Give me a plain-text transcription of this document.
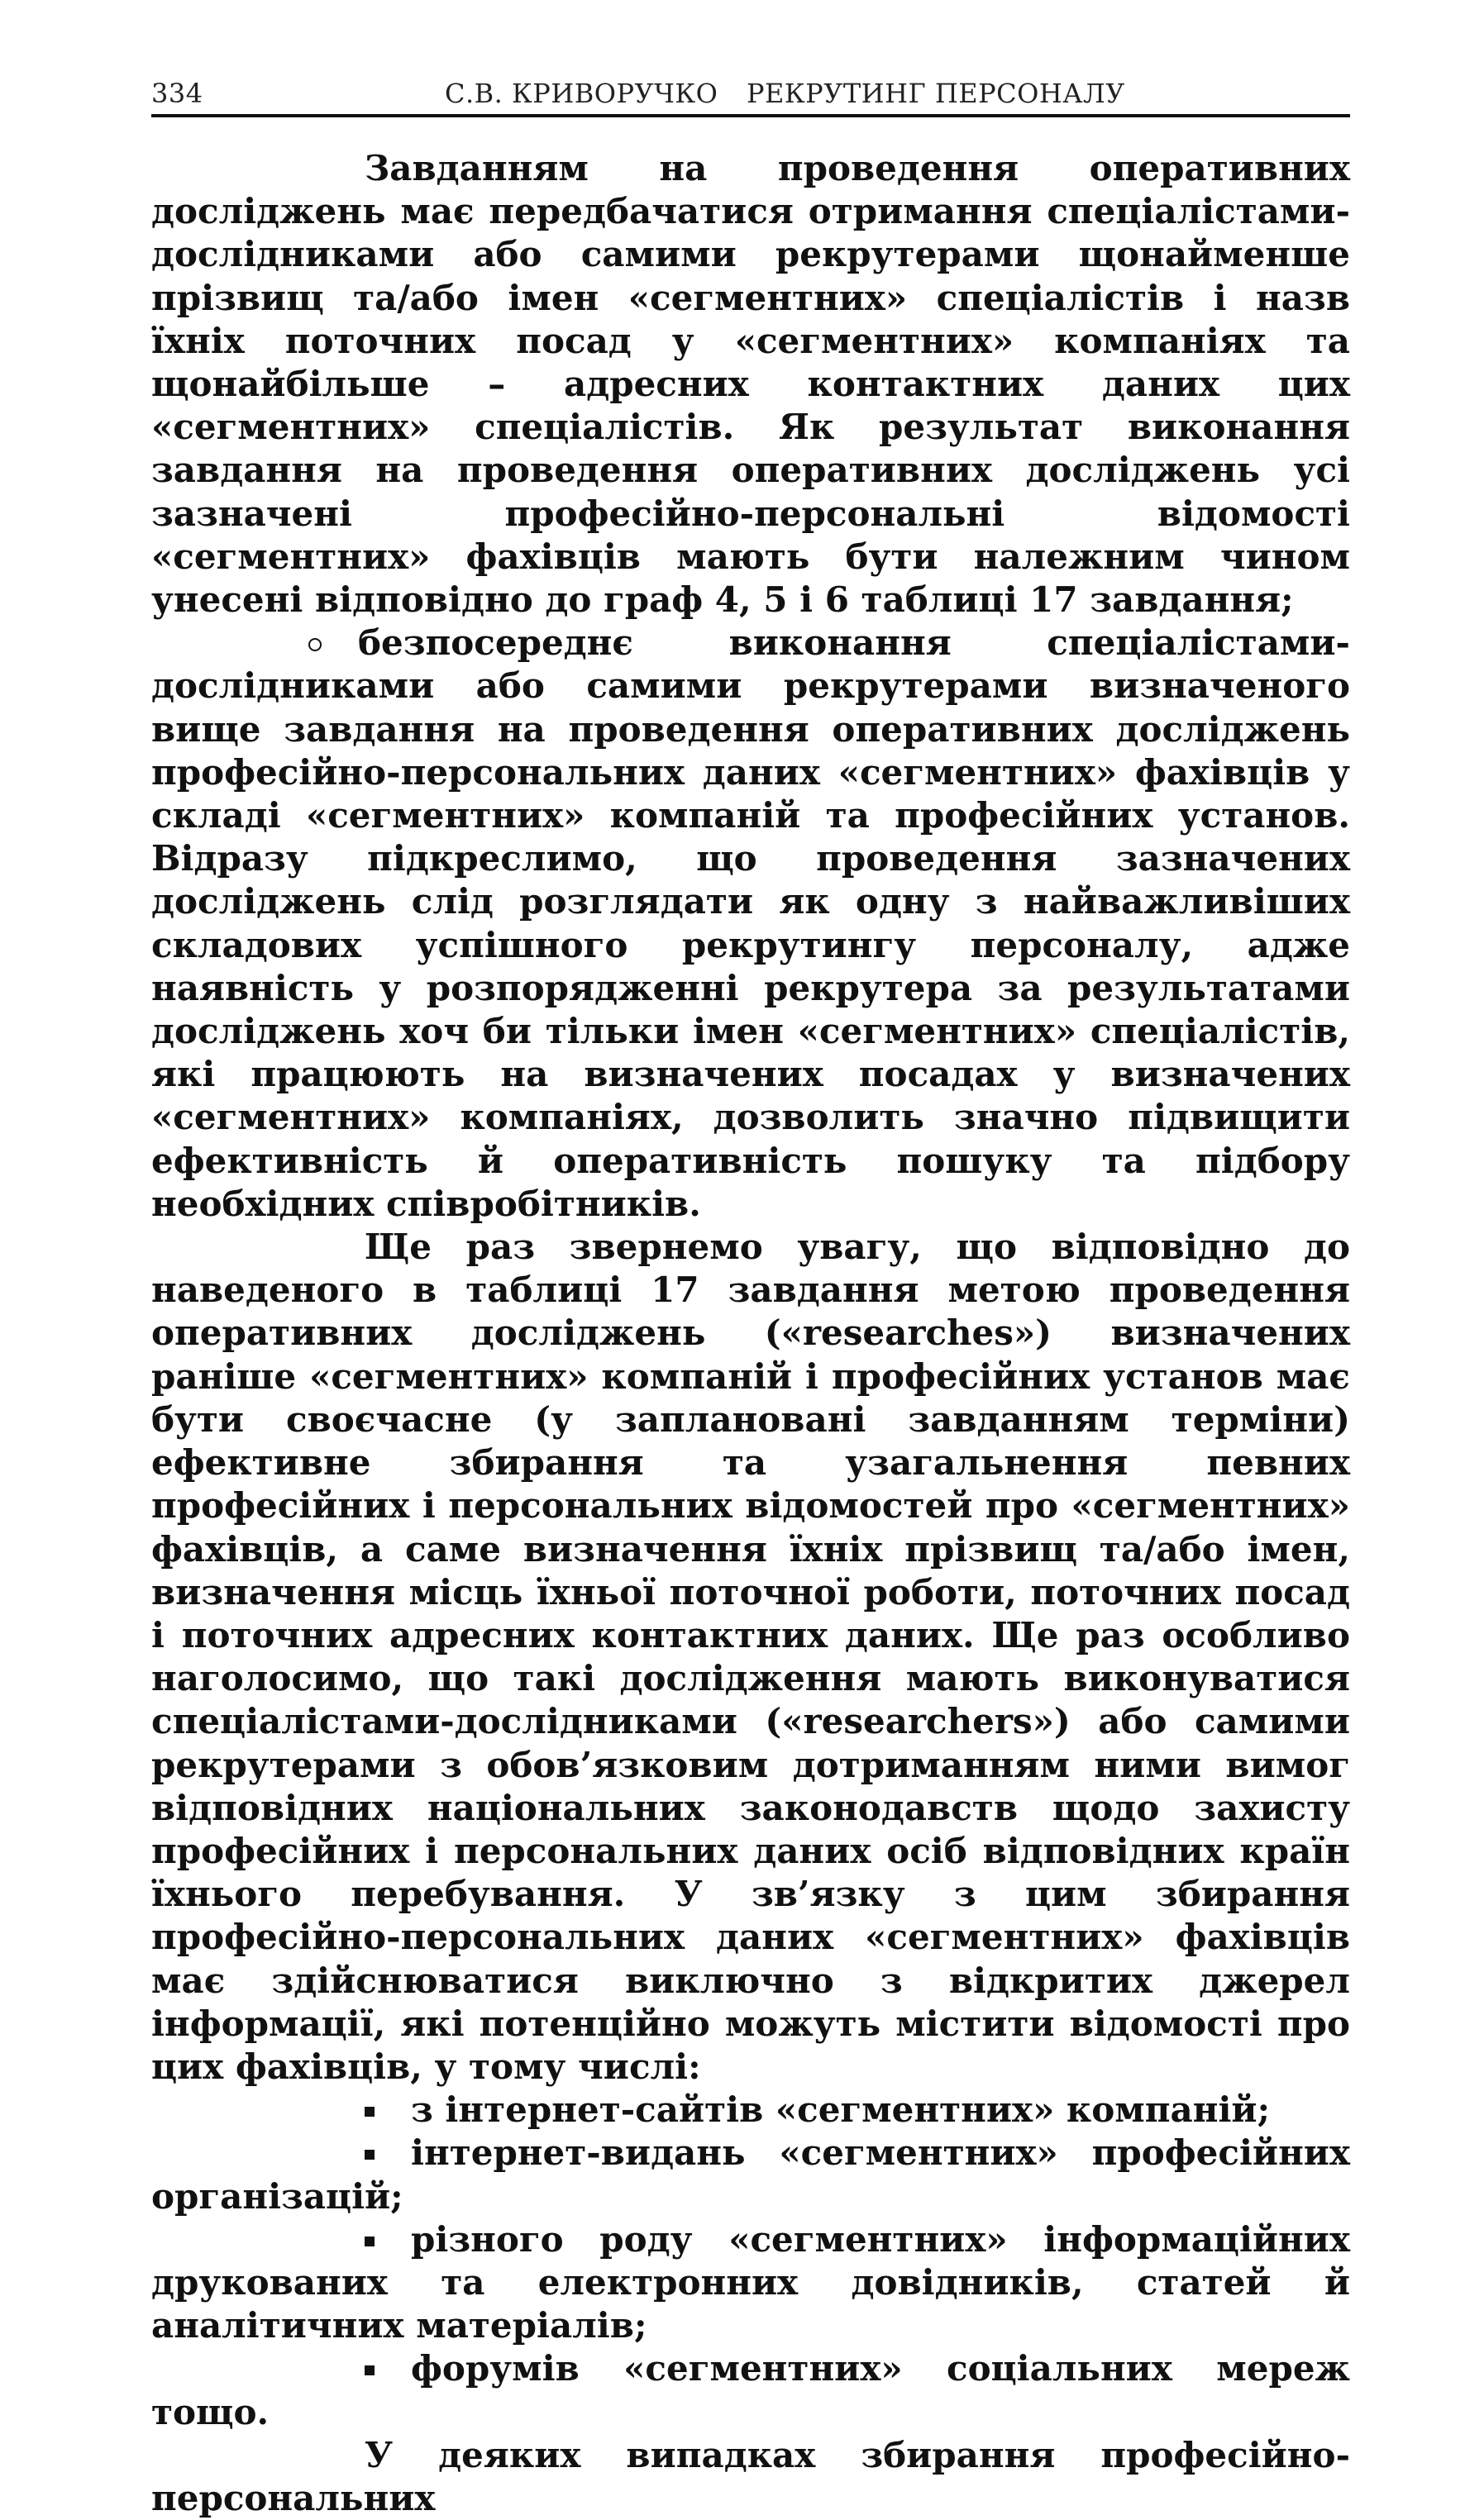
334	С.В. КРИВОРУЧКО РЕКРУТИНГ ПЕРСОНАЛУ

Завданням на проведення оперативних досліджень має передбачатися отримання спеціалістами-дослідниками або самими рекрутерами щонайменше прізвищ та/або імен «сегментних» спеціалістів і назв їхніх поточних посад у «сегментних» компаніях та щонайбільше – адресних контактних даних цих «сегментних» спеціалістів. Як результат виконання завдання на проведення оперативних досліджень усі зазначені професійно-персональні відомості «сегментних» фахівців мають бути належним чином унесені відповідно до граф 4, 5 і 6 таблиці 17 завдання;

безпосереднє виконання спеціалістами-дослідниками або самими рекрутерами визначеного вище завдання на проведення оперативних досліджень професійно-персональних даних «сегментних» фахівців у складі «сегментних» компаній та професійних установ. Відразу підкреслимо, що проведення зазначених досліджень слід розглядати як одну з найважливіших складових успішного рекрутингу персоналу, адже наявність у розпорядженні рекрутера за результатами досліджень хоч би тільки імен «сегментних» спеціалістів, які працюють на визначених посадах у визначених «сегментних» компаніях, дозволить значно підвищити ефективність й оперативність пошуку та підбору необхідних співробітників.

Ще раз звернемо увагу, що відповідно до наведеного в таблиці 17 завдання метою проведення оперативних досліджень («researches») визначених раніше «сегментних» компаній і професійних установ має бути своєчасне (у заплановані завданням терміни) ефективне збирання та узагальнення певних професійних і персональних відомостей про «сегментних» фахівців, а саме визначення їхніх прізвищ та/або імен, визначення місць їхньої поточної роботи, поточних посад і поточних адресних контактних даних. Ще раз особливо наголосимо, що такі дослідження мають виконуватися спеціалістами-дослідниками («researchers») або самими рекрутерами з обов’язковим дотриманням ними вимог відповідних національних законодавств щодо захисту професійних і персональних даних осіб відповідних країн їхнього перебування. У зв’язку з цим збирання професійно-персональних даних «сегментних» фахівців має здійснюватися виключно з відкритих джерел інформації, які потенційно можуть містити відомості про цих фахівців, у тому числі:

з інтернет-сайтів «сегментних» компаній;

інтернет-видань «сегментних» професійних організацій;

різного роду «сегментних» інформаційних друкованих та електронних довідників, статей й аналітичних матеріалів;

форумів «сегментних» соціальних мереж тощо.

У деяких випадках збирання професійно-персональних
